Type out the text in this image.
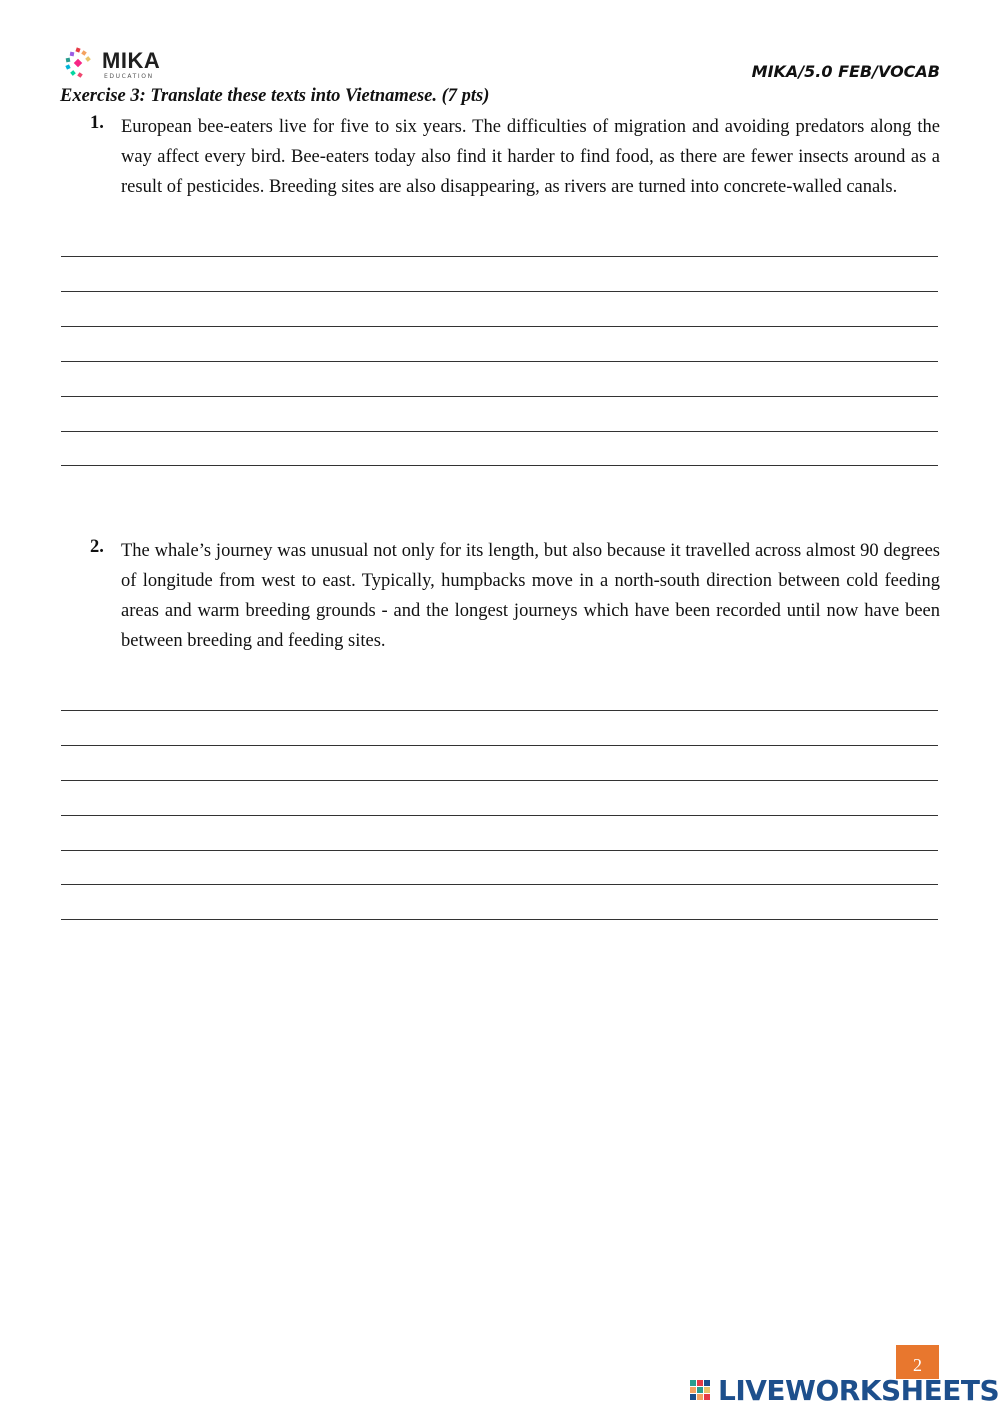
MIKA
EDUCATION	MIKA/5.0 FEB/VOCAB
Exercise 3: Translate these texts into Vietnamese. (7 pts)
1. European bee-eaters live for five to six years. The difficulties of migration and avoiding predators along the way affect every bird. Bee-eaters today also find it harder to find food, as there are fewer insects around as a result of pesticides. Breeding sites are also disappearing, as rivers are turned into concrete-walled canals.
2. The whale’s journey was unusual not only for its length, but also because it travelled across almost 90 degrees of longitude from west to east. Typically, humpbacks move in a north-south direction between cold feeding areas and warm breeding grounds - and the longest journeys which have been recorded until now have been between breeding and feeding sites.
2
LIVEWORKSHEETS
